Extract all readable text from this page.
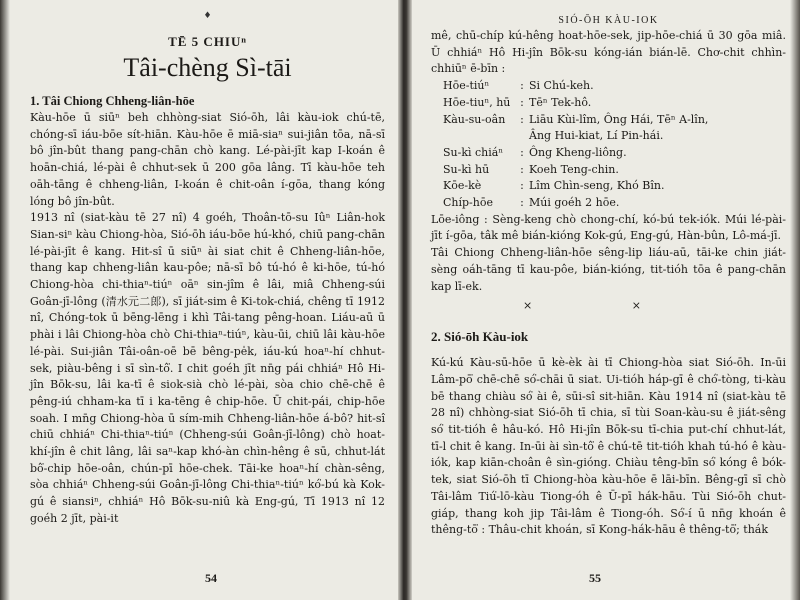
♦
TĒ 5 CHIUⁿ
Tâi-chèng Sì-tāi

1. Tâi Chiong Chheng-liân-hōe

Kàu-hōe ū siūⁿ beh chhòng-siat Sió-ōh, lâi kàu-iok chú-tē, chóng-sī iáu-bōe sít-hiān. Kàu-hōe ē miā-siaⁿ sui-jiân tōa, nā-sī bô jîn-bût thang pang-chān chò kang. Lé-pài-jīt kap I-koán ê hoān-chiá, lé-pài ê chhut-sek ū 200 gōa lâng. Tī kàu-hōe teh oāh-tāng ê chheng-liân, I-koán ê chit-oân í-gōa, thang kóng lóng bô jîn-bût.
1913 nî (siat-kàu tē 27 nî) 4 goéh, Thoân-tō-su Iûⁿ Liân-hok Sian-siⁿ kàu Chiong-hòa, Sió-ōh iáu-bōe hú-khó, chiū pang-chān lé-pài-jīt ê kang. Hit-sî ū siūⁿ ài siat chit ê Chheng-liân-hōe, thang kap chheng-liân kau-pôe; nā-sī bô tú-hó ê ki-hōe, tú-hó Chiong-hòa chi-thiaⁿ-tiúⁿ oāⁿ sin-jîm ê lâi, miâ Chheng-súi Goân-jī-lông (清水元二郎), sī jiát-sim ê Ki-tok-chiá, chêng tī 1912 nî, Chóng-tok ū bēng-lēng i khì Tâi-tang pêng-hoan. Liáu-aū ū phài i lâi Chiong-hòa chò Chi-thiaⁿ-tiúⁿ, kàu-ūi, chiū lâi kàu-hōe lé-pài. Sui-jiân Tâi-oân-oē bē bêng-pe̍k, iáu-kú hoaⁿ-hí chhut-sek, piàu-bêng i sī sìn-tô͘. I chit goéh jīt nn̄g pái chhiáⁿ Hô Hi-jîn Bōk-su, lâi ka-tī ê siok-sià chò lé-pài, sòa chio chē-chē ê pêng-iú chham-ka tī i ka-tēng ê chip-hōe. Ū chit-pái, chip-hōe soah. I mn̄g Chiong-hòa ū sím-mih Chheng-liân-hōe á-bô? hit-sî chiū chhiáⁿ Chi-thiaⁿ-tiúⁿ (Chheng-súi Goân-jī-lông) chò hoat-khí-jîn ê chit lâng, lâi saⁿ-kap khó-àn chìn-hêng ê sū, chhut-lát bô͘-chip hōe-oân, chún-pī hōe-chek. Tāi-ke hoaⁿ-hí chàn-sêng, sòa chhiáⁿ Chheng-súi Goân-jī-lông Chi-thiaⁿ-tiúⁿ kó͘-bú kà Kok-gú ê siansiⁿ, chhiáⁿ Hô Bōk-su-niû kà Eng-gú, Tī 1913 nî 12 goéh 2 jīt, pài-it

54
SIÓ-ŌH KÀU-IOK

mê, chū-chíp kú-hêng hoat-hōe-sek, jip-hōe-chiá ū 30 gōa miâ. Ū chhiáⁿ Hô Hi-jîn Bōk-su kóng-ián bián-lē. Chơ-chit chhìn-chhiūⁿ ē-bīn :

Hōe-tiúⁿ	:	Si Chú-keh.
Hōe-tiuⁿ, hū	:	Tēⁿ Tek-hô.
Kàu-su-oân	:	Liāu Kùi-lîm, Ông Hái, Tēⁿ A-lîn,
Âng Hui-kiat, Lí Pin-hái.
Su-kì chiáⁿ	:	Ông Kheng-liông.
Su-kì hū	:	Koeh Teng-chin.
Kōe-kè	:	Lîm Chìn-seng, Khó Bîn.
Chíp-hōe	:	Múi goéh 2 hōe.

Lōe-iông : Sèng-keng chò chong-chí, kó-bú tek-iók. Múi lé-pài-jīt í-gōa, tâk mê bián-kióng Kok-gú, Eng-gú, Hàn-bûn, Lô-má-jī.
Tâi Chiong Chheng-liân-hōe sêng-lip liáu-aū, tāi-ke chin jiát-sèng oáh-tāng tī kau-pôe, bián-kióng, tit-tióh tōa ê pang-chān kap lī-ek.

×	×

2. Sió-ōh Kàu-iok

Kú-kú Kàu-sū-hōe ū kè-èk ài tī Chiong-hòa siat Sió-ōh. In-ūi Lâm-pō͘ chē-chē só͘-chāi ū siat. Ui-tióh háp-gī ê chó͘-tòng, ti-kàu bē thang chiàu só͘ ài ê, sūi-sî sit-hiān. Kàu 1914 nî (siat-kàu tē 28 nî) chhòng-siat Sió-ōh tī chia, sī tùi Soan-kàu-su ê jiát-sêng só͘ tit-tióh ê hâu-kó. Hô Hi-jîn Bōk-su tī-chia put-chí chhut-lát, tī-l chit ê kang. In-ūi ài sìn-tô͘ ê chú-tē tit-tióh khah tú-hó ê kàu-iók, kap kiān-choân ê sìn-gióng. Chiàu têng-bīn só͘ kóng ê bók-tek, siat Sió-ōh tī Chiong-hòa kàu-hōe ē lāi-bīn. Bêng-gī sī chò Tâi-lâm Tiú͘-lō-kàu Tiong-óh ê Ū-pī hák-hāu. Tùi Sió-ōh chut-giáp, thang koh jip Tâi-lâm ê Tiong-óh. Só͘-í ū nn̄g khoán ê thêng-tō͘ : Thâu-chit khoán, sī Kong-hák-hāu ê thêng-tō͘; thák

55
